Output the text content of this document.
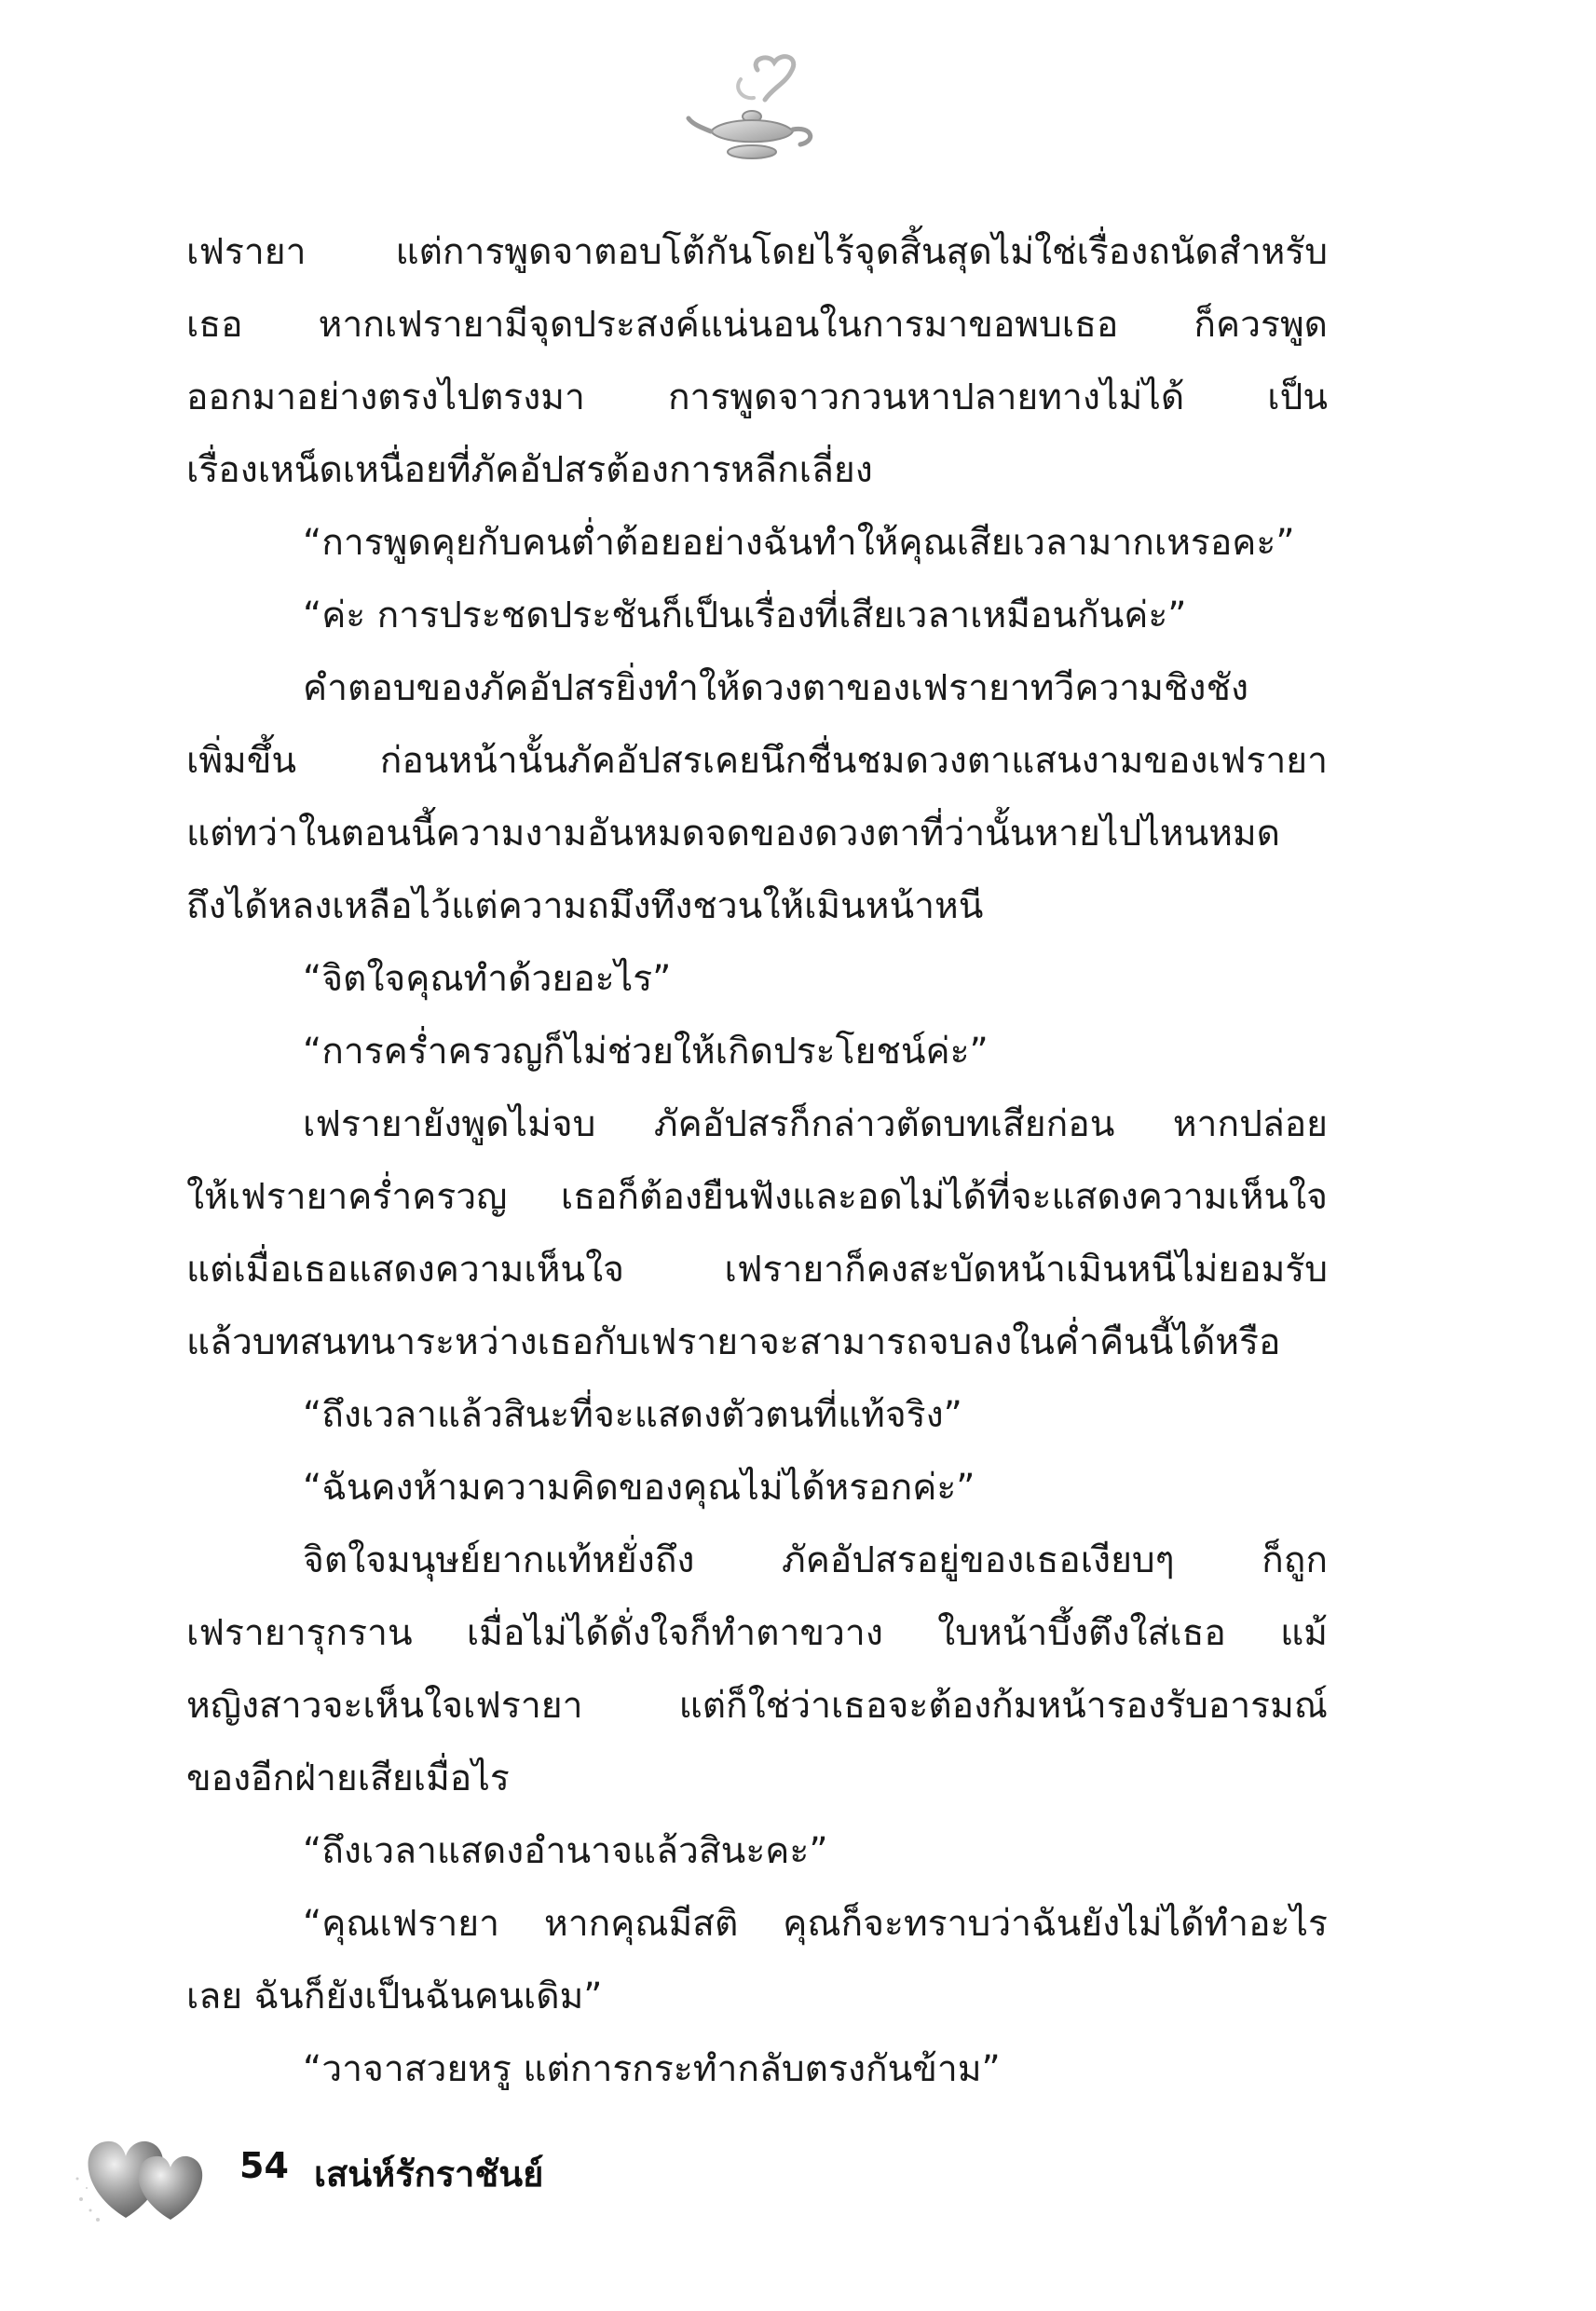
เฟรายา แต่การพูดจาตอบโต้กันโดยไร้จุดสิ้นสุดไม่ใช่เรื่องถนัดสำหรับ
เธอ หากเฟรายามีจุดประสงค์แน่นอนในการมาขอพบเธอ ก็ควรพูด
ออกมาอย่างตรงไปตรงมา การพูดจาวกวนหาปลายทางไม่ได้ เป็น
เรื่องเหน็ดเหนื่อยที่ภัคอัปสรต้องการหลีกเลี่ยง
“การพูดคุยกับคนต่ำต้อยอย่างฉันทำให้คุณเสียเวลามากเหรอคะ”
“ค่ะ การประชดประชันก็เป็นเรื่องที่เสียเวลาเหมือนกันค่ะ”
คำตอบของภัคอัปสรยิ่งทำให้ดวงตาของเฟรายาทวีความชิงชัง
เพิ่มขึ้น ก่อนหน้านั้นภัคอัปสรเคยนึกชื่นชมดวงตาแสนงามของเฟรายา
แต่ทว่าในตอนนี้ความงามอันหมดจดของดวงตาที่ว่านั้นหายไปไหนหมด
ถึงได้หลงเหลือไว้แต่ความถมึงทึงชวนให้เมินหน้าหนี
“จิตใจคุณทำด้วยอะไร”
“การคร่ำครวญก็ไม่ช่วยให้เกิดประโยชน์ค่ะ”
เฟรายายังพูดไม่จบ ภัคอัปสรก็กล่าวตัดบทเสียก่อน หากปล่อย
ให้เฟรายาคร่ำครวญ เธอก็ต้องยืนฟังและอดไม่ได้ที่จะแสดงความเห็นใจ
แต่เมื่อเธอแสดงความเห็นใจ เฟรายาก็คงสะบัดหน้าเมินหนีไม่ยอมรับ
แล้วบทสนทนาระหว่างเธอกับเฟรายาจะสามารถจบลงในค่ำคืนนี้ได้หรือ
“ถึงเวลาแล้วสินะที่จะแสดงตัวตนที่แท้จริง”
“ฉันคงห้ามความคิดของคุณไม่ได้หรอกค่ะ”
จิตใจมนุษย์ยากแท้หยั่งถึง ภัคอัปสรอยู่ของเธอเงียบๆ ก็ถูก
เฟรายารุกราน เมื่อไม่ได้ดั่งใจก็ทำตาขวาง ใบหน้าบึ้งตึงใส่เธอ แม้
หญิงสาวจะเห็นใจเฟรายา แต่ก็ใช่ว่าเธอจะต้องก้มหน้ารองรับอารมณ์
ของอีกฝ่ายเสียเมื่อไร
“ถึงเวลาแสดงอำนาจแล้วสินะคะ”
“คุณเฟรายา หากคุณมีสติ คุณก็จะทราบว่าฉันยังไม่ได้ทำอะไร
เลย ฉันก็ยังเป็นฉันคนเดิม”
“วาจาสวยหรู แต่การกระทำกลับตรงกันข้าม”
54 เสน่ห์รักราชันย์
